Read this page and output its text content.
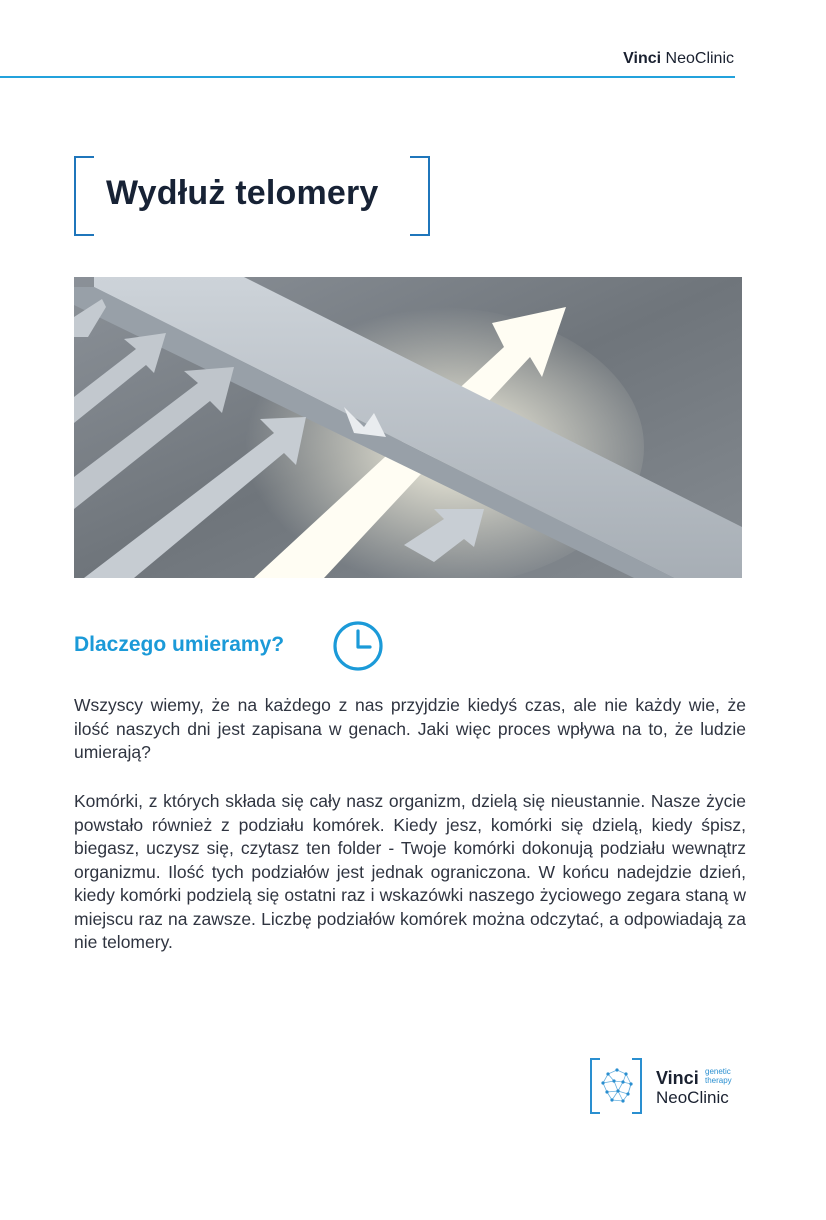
Vinci NeoClinic
Wydłuż telomery
Dlaczego umieramy?

Wszyscy wiemy, że na każdego z nas przyjdzie kiedyś czas, ale nie każdy wie, że ilość naszych dni jest zapisana w genach. Jaki więc proces wpływa na to, że ludzie umierają?

Komórki, z których składa się cały nasz organizm, dzielą się nieustannie. Nasze życie powstało również z podziału komórek. Kiedy jesz, komórki się dzielą, kiedy śpisz, biegasz, uczysz się, czytasz ten folder - Twoje komórki dokonują podziału wewnątrz organizmu. Ilość tych podziałów jest jednak ograniczona. W końcu nadejdzie dzień, kiedy komórki podzielą się ostatni raz i wskazówki naszego życiowego zegara staną w miejscu raz na zawsze. Liczbę podziałów komórek można odczytać, a odpowiadają za nie telomery.

Vinci genetic
therapy
NeoClinic
